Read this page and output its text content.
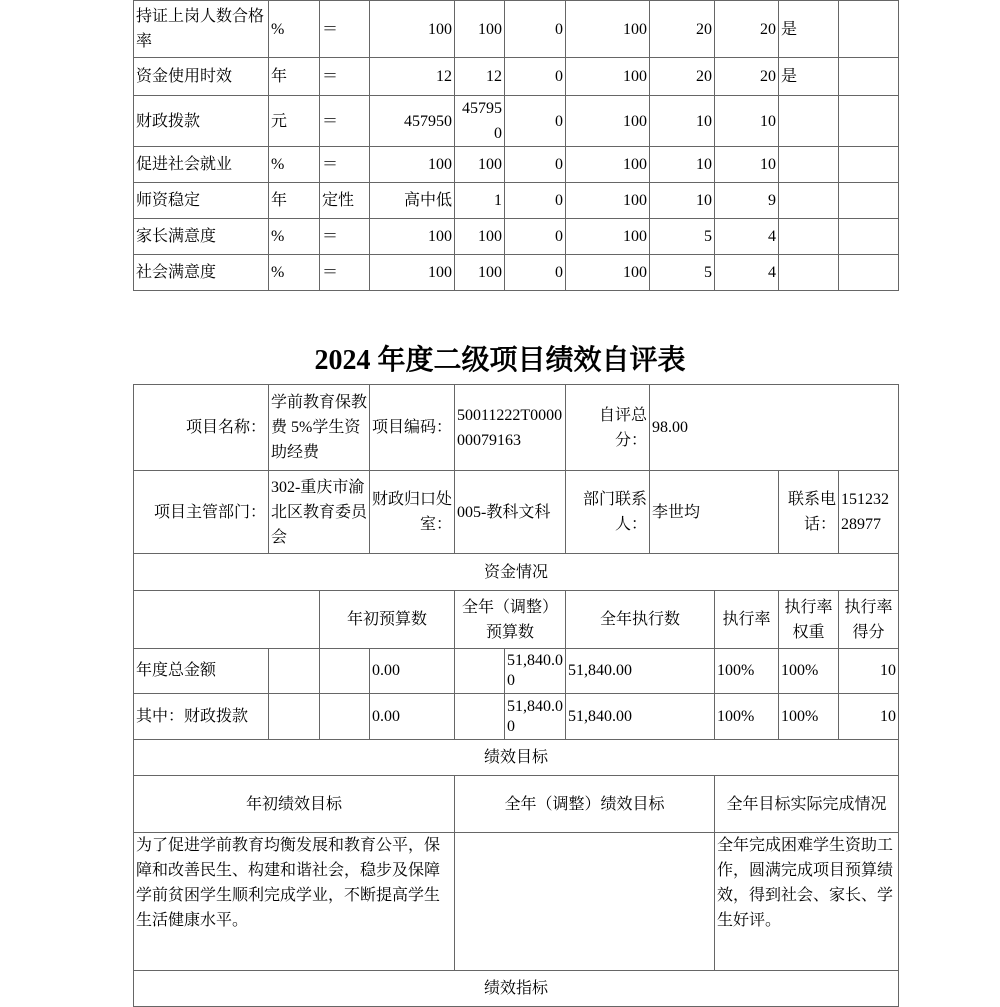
持证上岗人数合格率	%	＝	100	100	0	100	20	20	是	
资金使用时效	年	＝	12	12	0	100	20	20	是	
财政拨款	元	＝	457950	457950	0	100	10	10		
促进社会就业	%	＝	100	100	0	100	10	10		
师资稳定	年	定性	高中低	1	0	100	10	9		
家长满意度	%	＝	100	100	0	100	5	4		
社会满意度	%	＝	100	100	0	100	5	4		
2024 年度二级项目绩效自评表
项目名称：	学前教育保教费 5%学生资助经费		项目编码：	50011222T000000079163		自评总分：	98.00			
项目主管部门：	302-重庆市渝北区教育委员会		财政归口处室：	005-教科文科		部门联系人：	李世均		联系电话：	15123228977
资金情况										
		年初预算数		全年（调整）预算数		全年执行数		执行率	执行率权重	执行率得分
年度总金额			0.00		51,840.00	51,840.00		100%	100%	10
其中：财政拨款			0.00		51,840.00	51,840.00		100%	100%	10
绩效目标										
年初绩效目标				全年（调整）绩效目标				全年目标实际完成情况		
为了促进学前教育均衡发展和教育公平，保障和改善民生、构建和谐社会，稳步及保障学前贫困学生顺利完成学业，不断提高学生生活健康水平。								全年完成困难学生资助工作，圆满完成项目预算绩效，得到社会、家长、学生好评。		
绩效指标										
